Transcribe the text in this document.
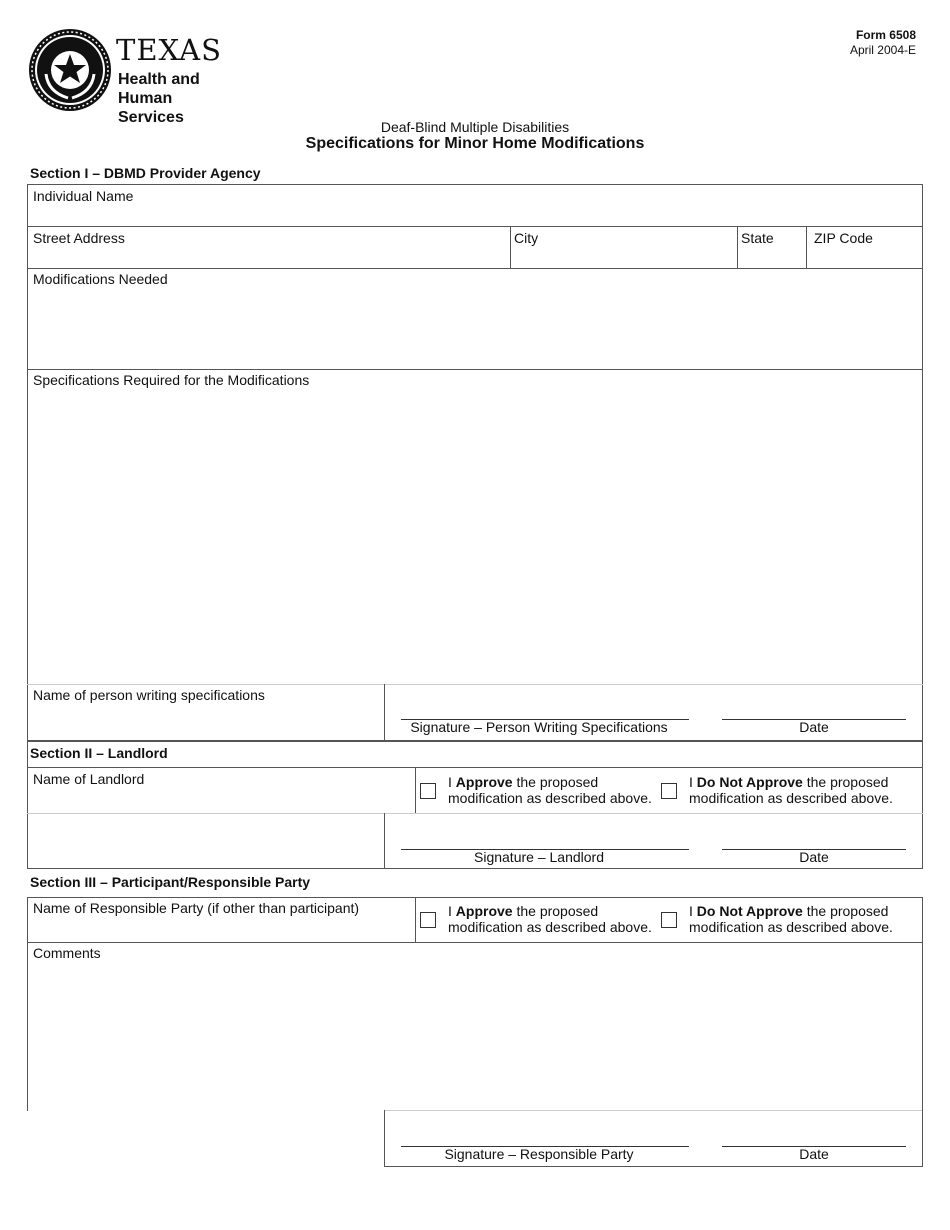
TEXAS
Health and Human
Services
Form 6508
April 2004-E
Deaf-Blind Multiple Disabilities
Specifications for Minor Home Modifications
Section I – DBMD Provider Agency
Individual Name
Street Address	City	State	ZIP Code
Modifications Needed
Specifications Required for the Modifications
Name of person writing specifications
Signature – Person Writing Specifications	Date
Section II – Landlord
Name of Landlord	I Approve the proposed
modification as described above.
I Do Not Approve the proposed
modification as described above.
Signature – Landlord	Date
Section III – Participant/Responsible Party
Name of Responsible Party (if other than participant)	I Approve the proposed
modification as described above.
I Do Not Approve the proposed
modification as described above.
Comments
Signature – Responsible Party	Date
